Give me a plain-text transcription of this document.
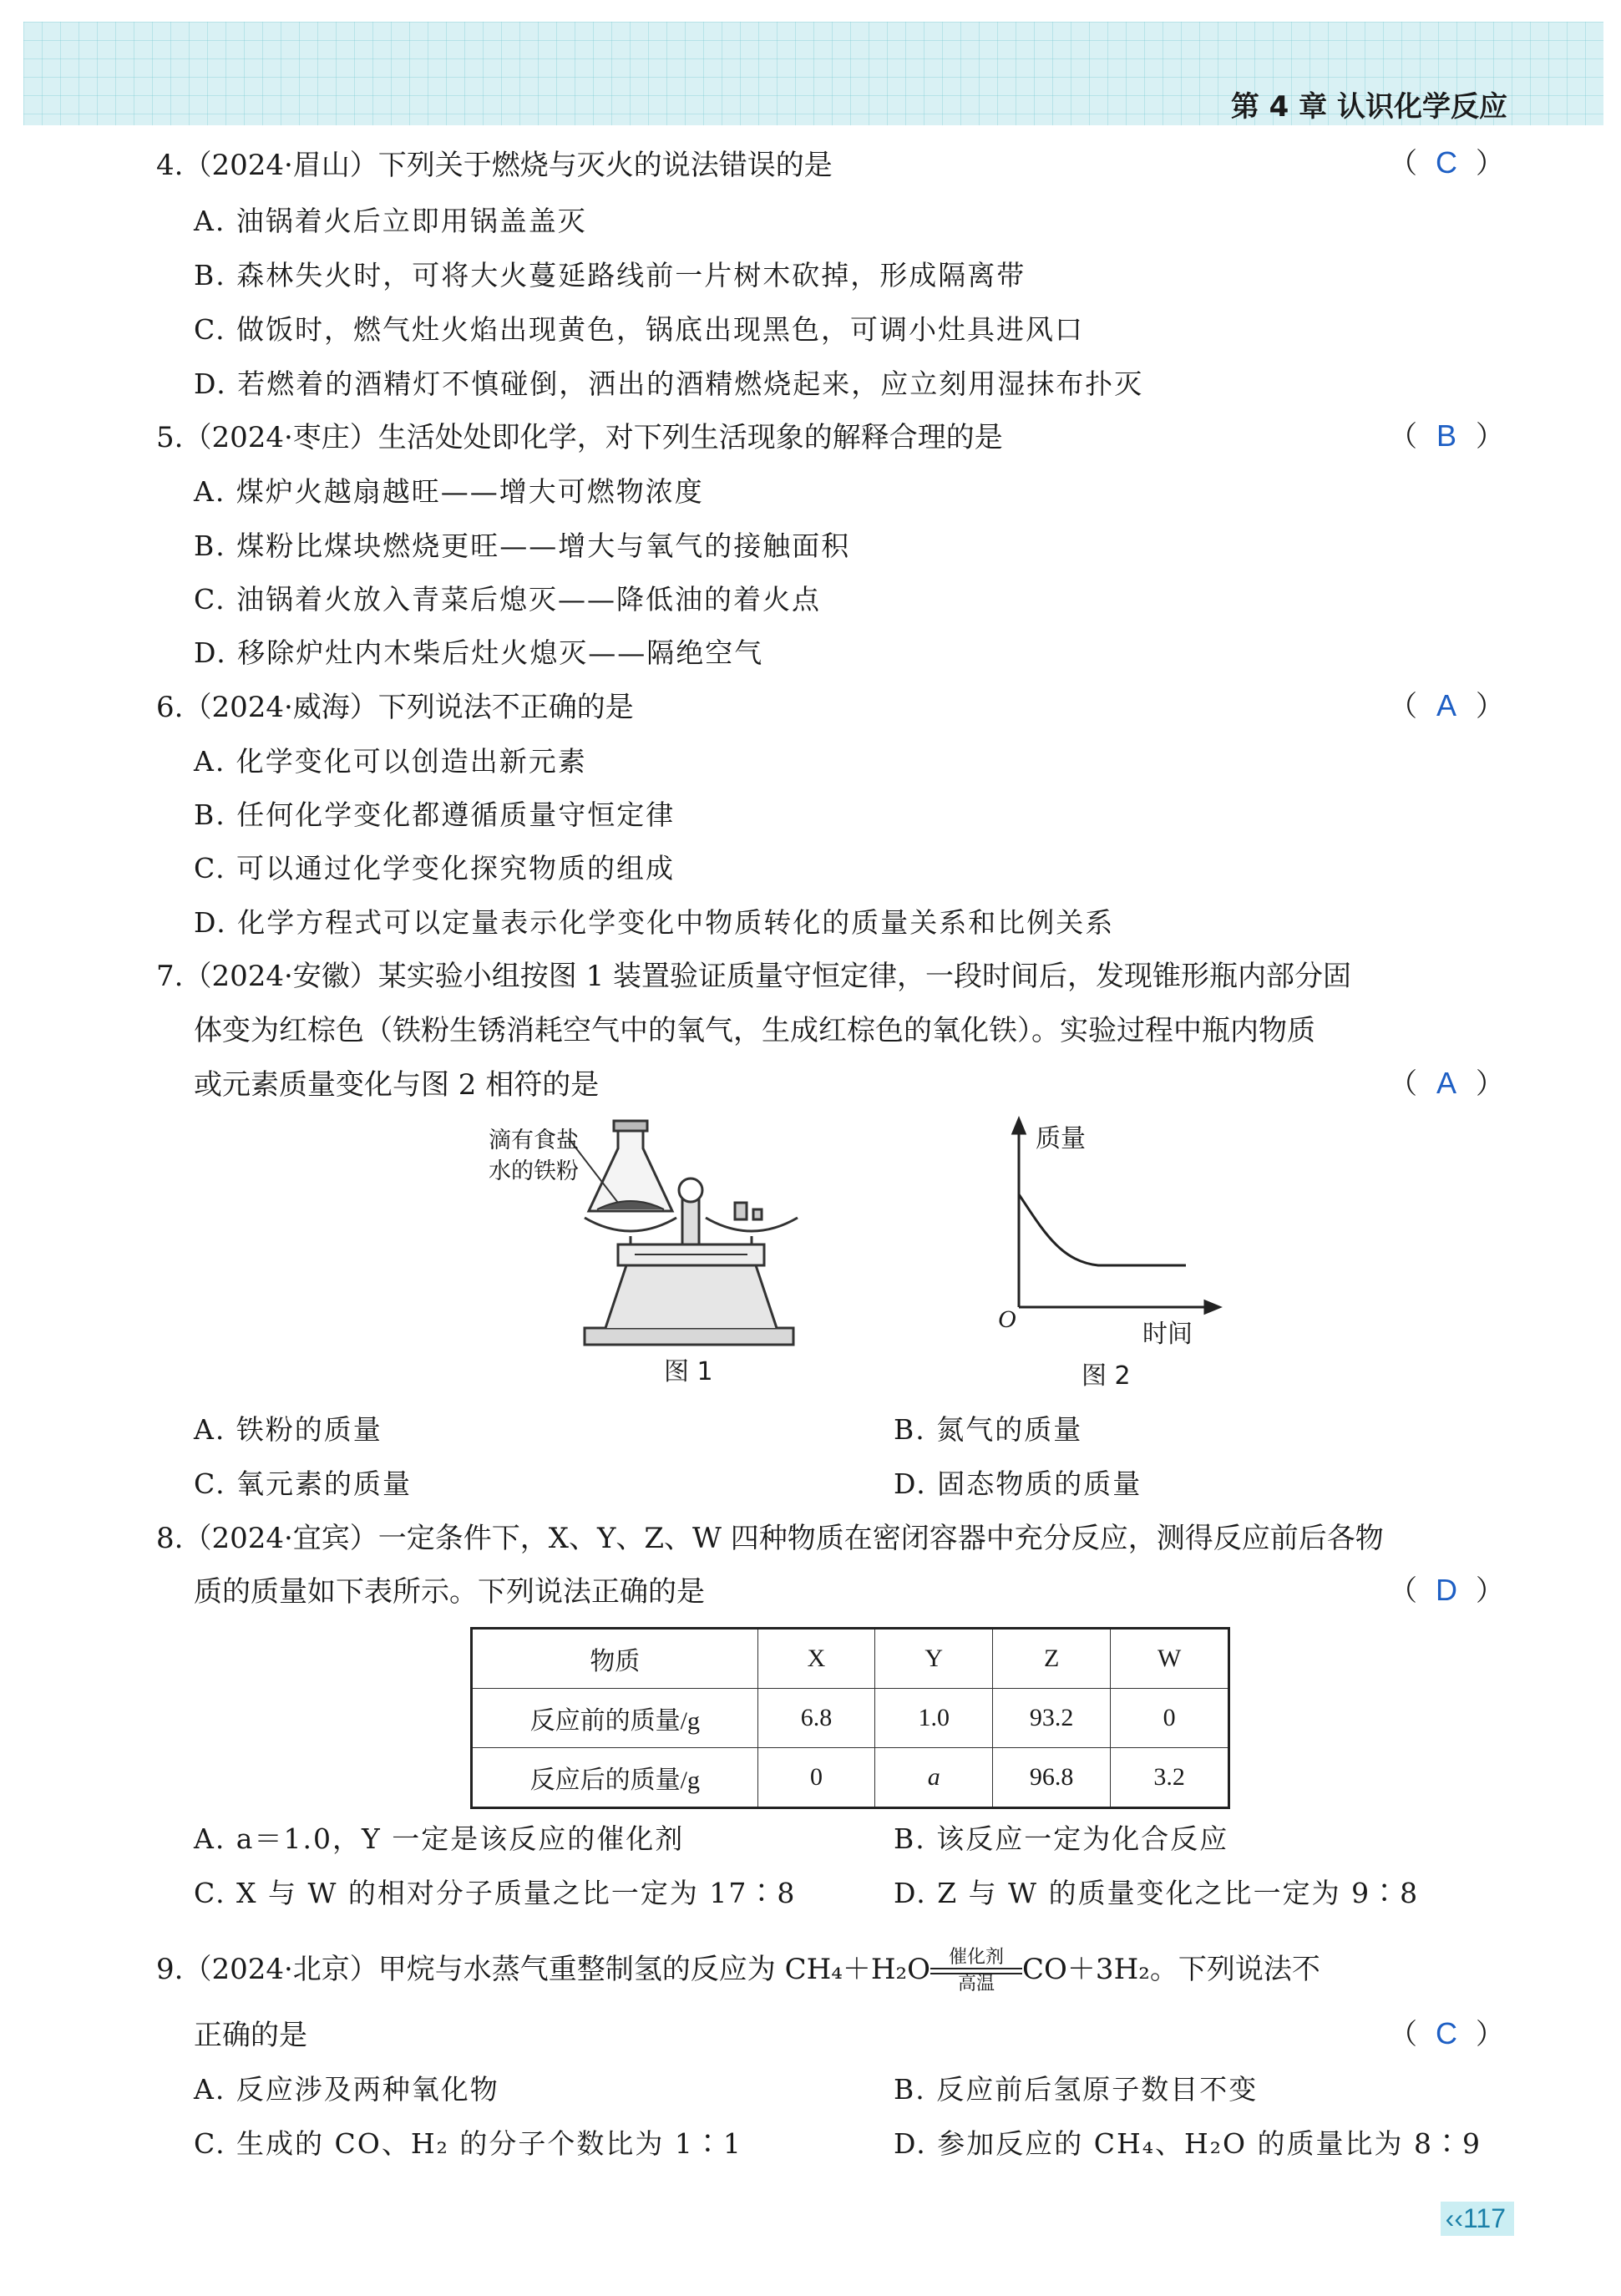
第 4 章 认识化学反应
4.（2024·眉山）下列关于燃烧与灭火的说法错误的是	（ C ）
A. 油锅着火后立即用锅盖盖灭
B. 森林失火时，可将大火蔓延路线前一片树木砍掉，形成隔离带
C. 做饭时，燃气灶火焰出现黄色，锅底出现黑色，可调小灶具进风口
D. 若燃着的酒精灯不慎碰倒，洒出的酒精燃烧起来，应立刻用湿抹布扑灭
5.（2024·枣庄）生活处处即化学，对下列生活现象的解释合理的是	（ B ）
A. 煤炉火越扇越旺——增大可燃物浓度
B. 煤粉比煤块燃烧更旺——增大与氧气的接触面积
C. 油锅着火放入青菜后熄灭——降低油的着火点
D. 移除炉灶内木柴后灶火熄灭——隔绝空气
6.（2024·威海）下列说法不正确的是	（ A ）
A. 化学变化可以创造出新元素
B. 任何化学变化都遵循质量守恒定律
C. 可以通过化学变化探究物质的组成
D. 化学方程式可以定量表示化学变化中物质转化的质量关系和比例关系
7.（2024·安徽）某实验小组按图 1 装置验证质量守恒定律，一段时间后，发现锥形瓶内部分固
体变为红棕色（铁粉生锈消耗空气中的氧气，生成红棕色的氧化铁）。实验过程中瓶内物质
或元素质量变化与图 2 相符的是	（ A ）
滴有食盐
水的铁粉
图 1
质量
时间
O
图 2
A. 铁粉的质量	B. 氮气的质量
C. 氧元素的质量	D. 固态物质的质量
8.（2024·宜宾）一定条件下，X、Y、Z、W 四种物质在密闭容器中充分反应，测得反应前后各物
质的质量如下表所示。下列说法正确的是	（ D ）
物质	X	Y	Z	W
反应前的质量/g	6.8	1.0	93.2	0
反应后的质量/g	0	a	96.8	3.2
A. a＝1.0，Y 一定是该反应的催化剂	B. 该反应一定为化合反应
C. X 与 W 的相对分子质量之比一定为 17∶8	D. Z 与 W 的质量变化之比一定为 9∶8
9.（2024·北京）甲烷与水蒸气重整制氢的反应为 CH₄＋H₂O 催化剂
高温 CO＋3H₂。下列说法不
正确的是	（ C ）
A. 反应涉及两种氧化物	B. 反应前后氢原子数目不变
C. 生成的 CO、H₂ 的分子个数比为 1∶1	D. 参加反应的 CH₄、H₂O 的质量比为 8∶9
‹‹117
